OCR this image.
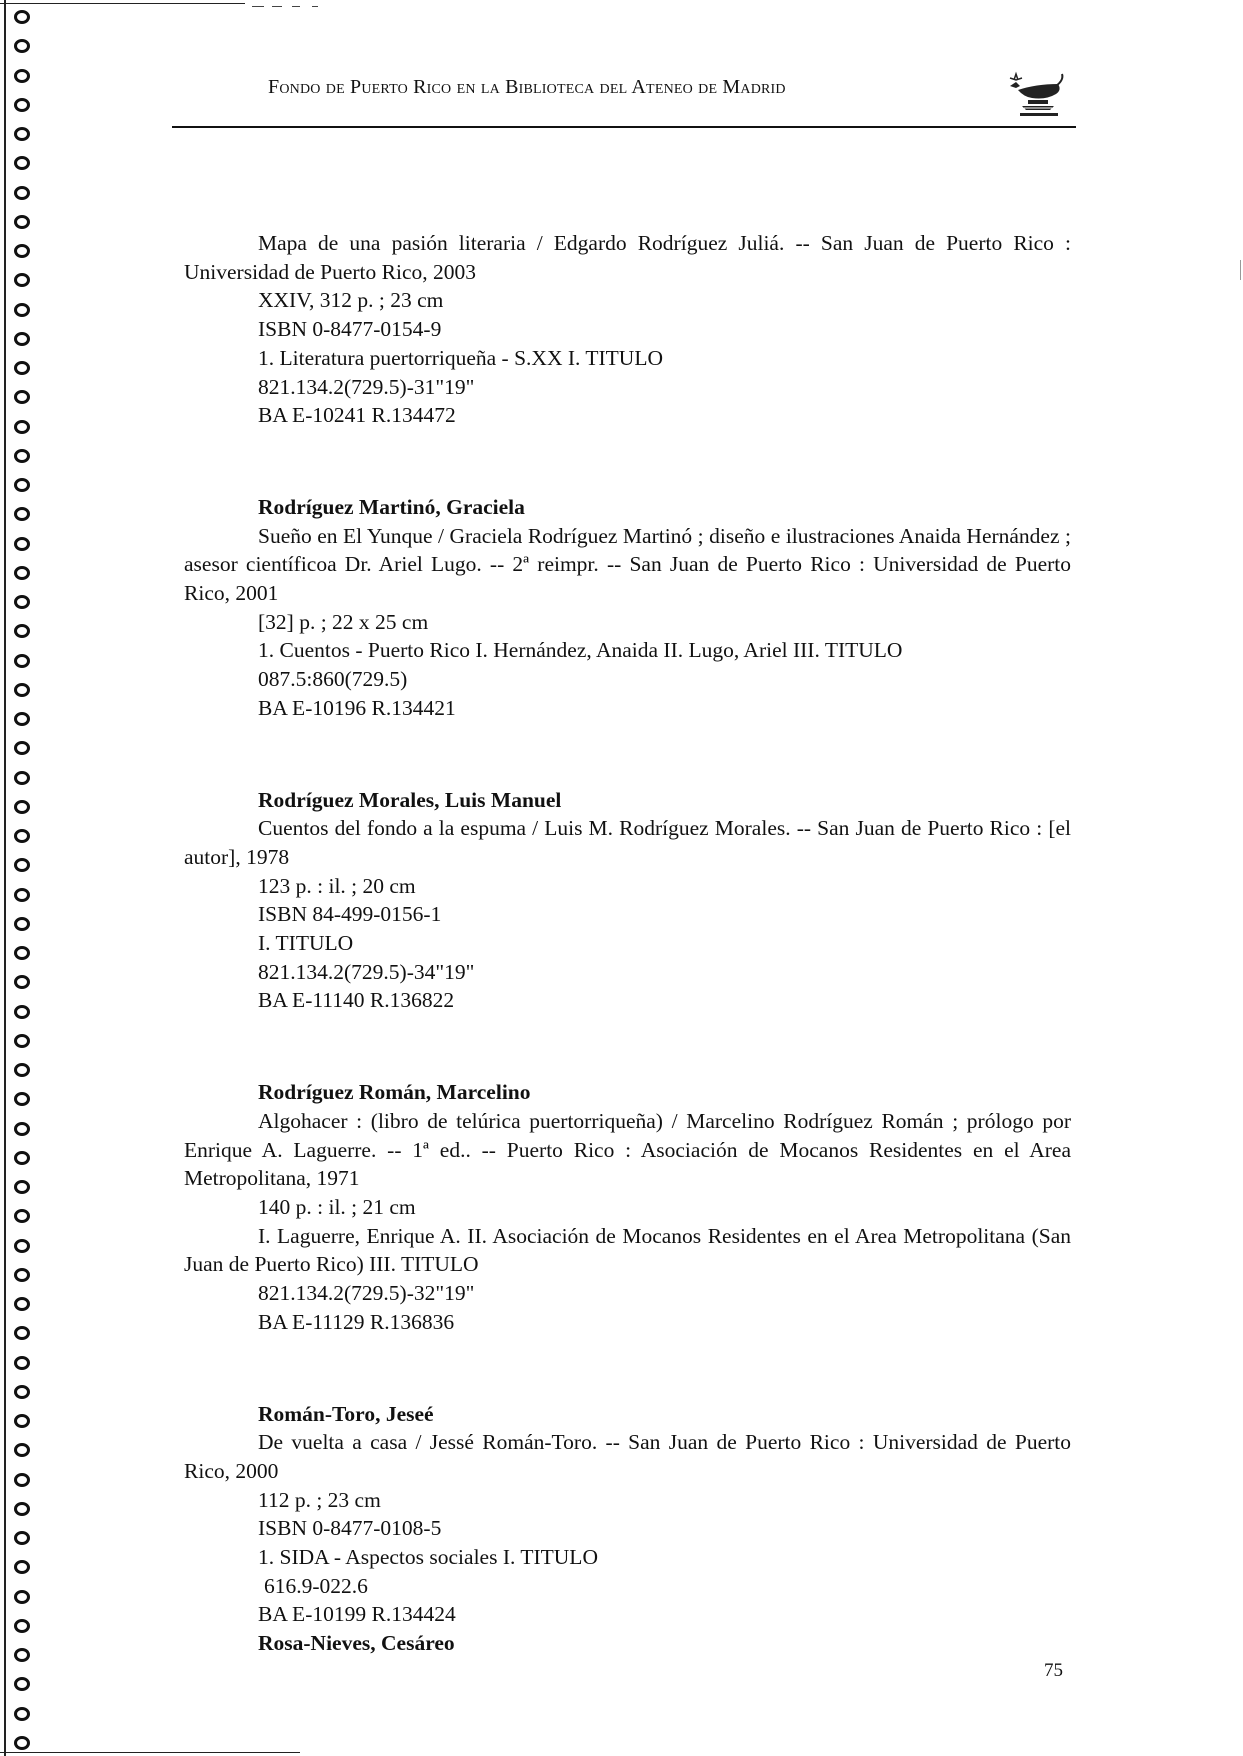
Fondo de Puerto Rico en la Biblioteca del Ateneo de Madrid
Mapa de una pasión literaria / Edgardo Rodríguez Juliá. -- San Juan de Puerto Rico : Universidad de Puerto Rico, 2003
XXIV, 312 p. ; 23 cm
ISBN 0-8477-0154-9
1. Literatura puertorriqueña - S.XX I. TITULO
821.134.2(729.5)-31"19"
BA E-10241 R.134472
Rodríguez Martinó, Graciela
Sueño en El Yunque / Graciela Rodríguez Martinó ; diseño e ilustraciones Anaida Hernández ; asesor científicoa Dr. Ariel Lugo. -- 2ª reimpr. -- San Juan de Puerto Rico : Universidad de Puerto Rico, 2001
[32] p. ; 22 x 25 cm
1. Cuentos - Puerto Rico I. Hernández, Anaida II. Lugo, Ariel III. TITULO
087.5:860(729.5)
BA E-10196 R.134421
Rodríguez Morales, Luis Manuel
Cuentos del fondo a la espuma / Luis M. Rodríguez Morales. -- San Juan de Puerto Rico : [el autor], 1978
123 p. : il. ; 20 cm
ISBN 84-499-0156-1
I. TITULO
821.134.2(729.5)-34"19"
BA E-11140 R.136822
Rodríguez Román, Marcelino
Algohacer : (libro de telúrica puertorriqueña) / Marcelino Rodríguez Román ; prólogo por Enrique A. Laguerre. -- 1ª ed.. -- Puerto Rico : Asociación de Mocanos Residentes en el Area Metropolitana, 1971
140 p. : il. ; 21 cm
I. Laguerre, Enrique A. II. Asociación de Mocanos Residentes en el Area Metropolitana (San Juan de Puerto Rico) III. TITULO
821.134.2(729.5)-32"19"
BA E-11129 R.136836
Román-Toro, Jeseé
De vuelta a casa / Jessé Román-Toro. -- San Juan de Puerto Rico : Universidad de Puerto Rico, 2000
112 p. ; 23 cm
ISBN 0-8477-0108-5
1. SIDA - Aspectos sociales I. TITULO
616.9-022.6
BA E-10199 R.134424
Rosa-Nieves, Cesáreo
75
